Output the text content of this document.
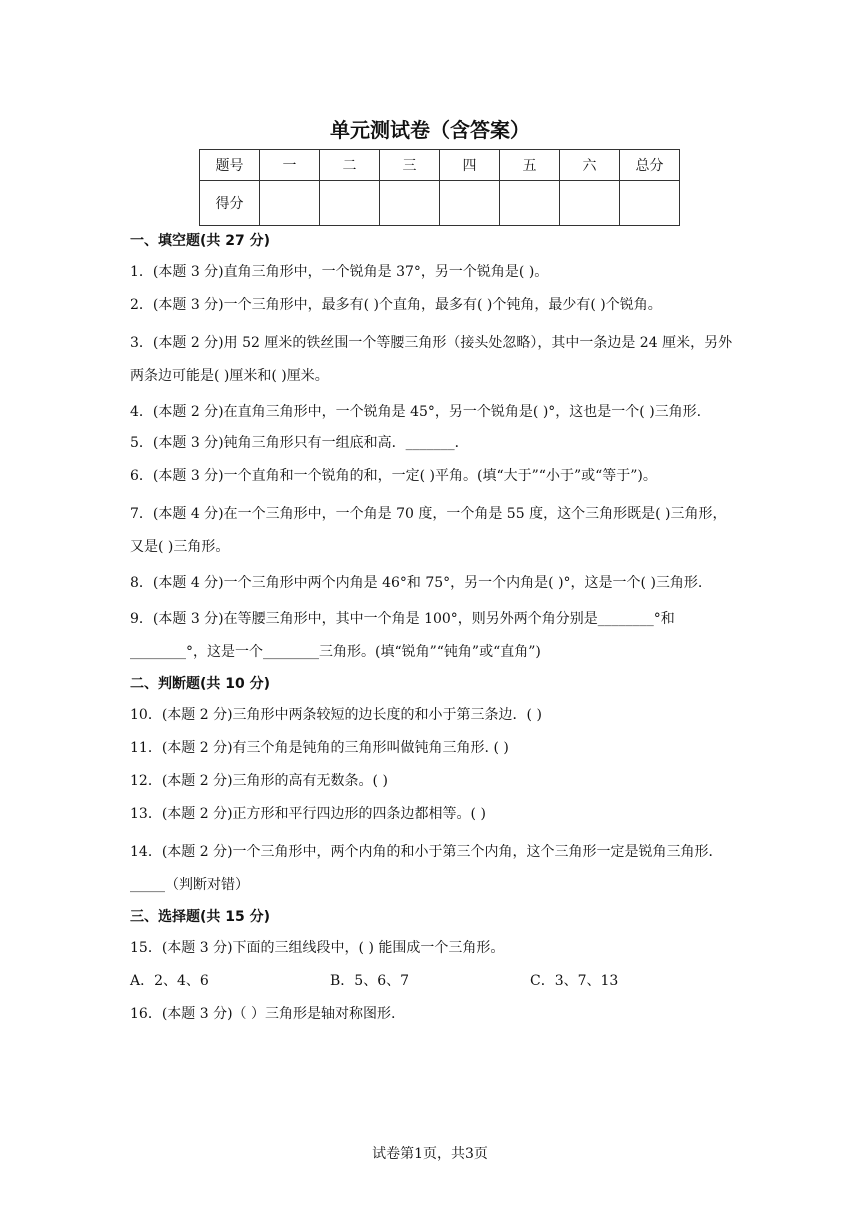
单元测试卷（含答案）
题号	一	二	三	四	五	六	总分
得分							
一、填空题(共 27 分)
1．(本题 3 分)直角三角形中，一个锐角是 37°，另一个锐角是( )。
2．(本题 3 分)一个三角形中，最多有( )个直角，最多有( )个钝角，最少有( )个锐角。
3．(本题 2 分)用 52 厘米的铁丝围一个等腰三角形（接头处忽略），其中一条边是 24 厘米，另外两条边可能是( )厘米和( )厘米。
4．(本题 2 分)在直角三角形中，一个锐角是 45°，另一个锐角是( )°，这也是一个( )三角形.
5．(本题 3 分)钝角三角形只有一组底和高．_______．
6．(本题 3 分)一个直角和一个锐角的和，一定( )平角。(填“大于”“小于”或“等于”)。
7．(本题 4 分)在一个三角形中，一个角是 70 度，一个角是 55 度，这个三角形既是( )三角形，又是( )三角形。
8．(本题 4 分)一个三角形中两个内角是 46°和 75°，另一个内角是( )°，这是一个( )三角形.
9．(本题 3 分)在等腰三角形中，其中一个角是 100°，则另外两个角分别是________°和________°，这是一个________三角形。(填“锐角”“钝角”或“直角”)
二、判断题(共 10 分)
10．(本题 2 分)三角形中两条较短的边长度的和小于第三条边．( )
11．(本题 2 分)有三个角是钝角的三角形叫做钝角三角形. ( )
12．(本题 2 分)三角形的高有无数条。( )
13．(本题 2 分)正方形和平行四边形的四条边都相等。( )
14．(本题 2 分)一个三角形中，两个内角的和小于第三个内角，这个三角形一定是锐角三角形．_____（判断对错）
三、选择题(共 15 分)
15．(本题 3 分)下面的三组线段中，( ) 能围成一个三角形。
A．2、4、6	B．5、6、7	C．3、7、13
16．(本题 3 分)（ ）三角形是轴对称图形.
试卷第1页，共3页
